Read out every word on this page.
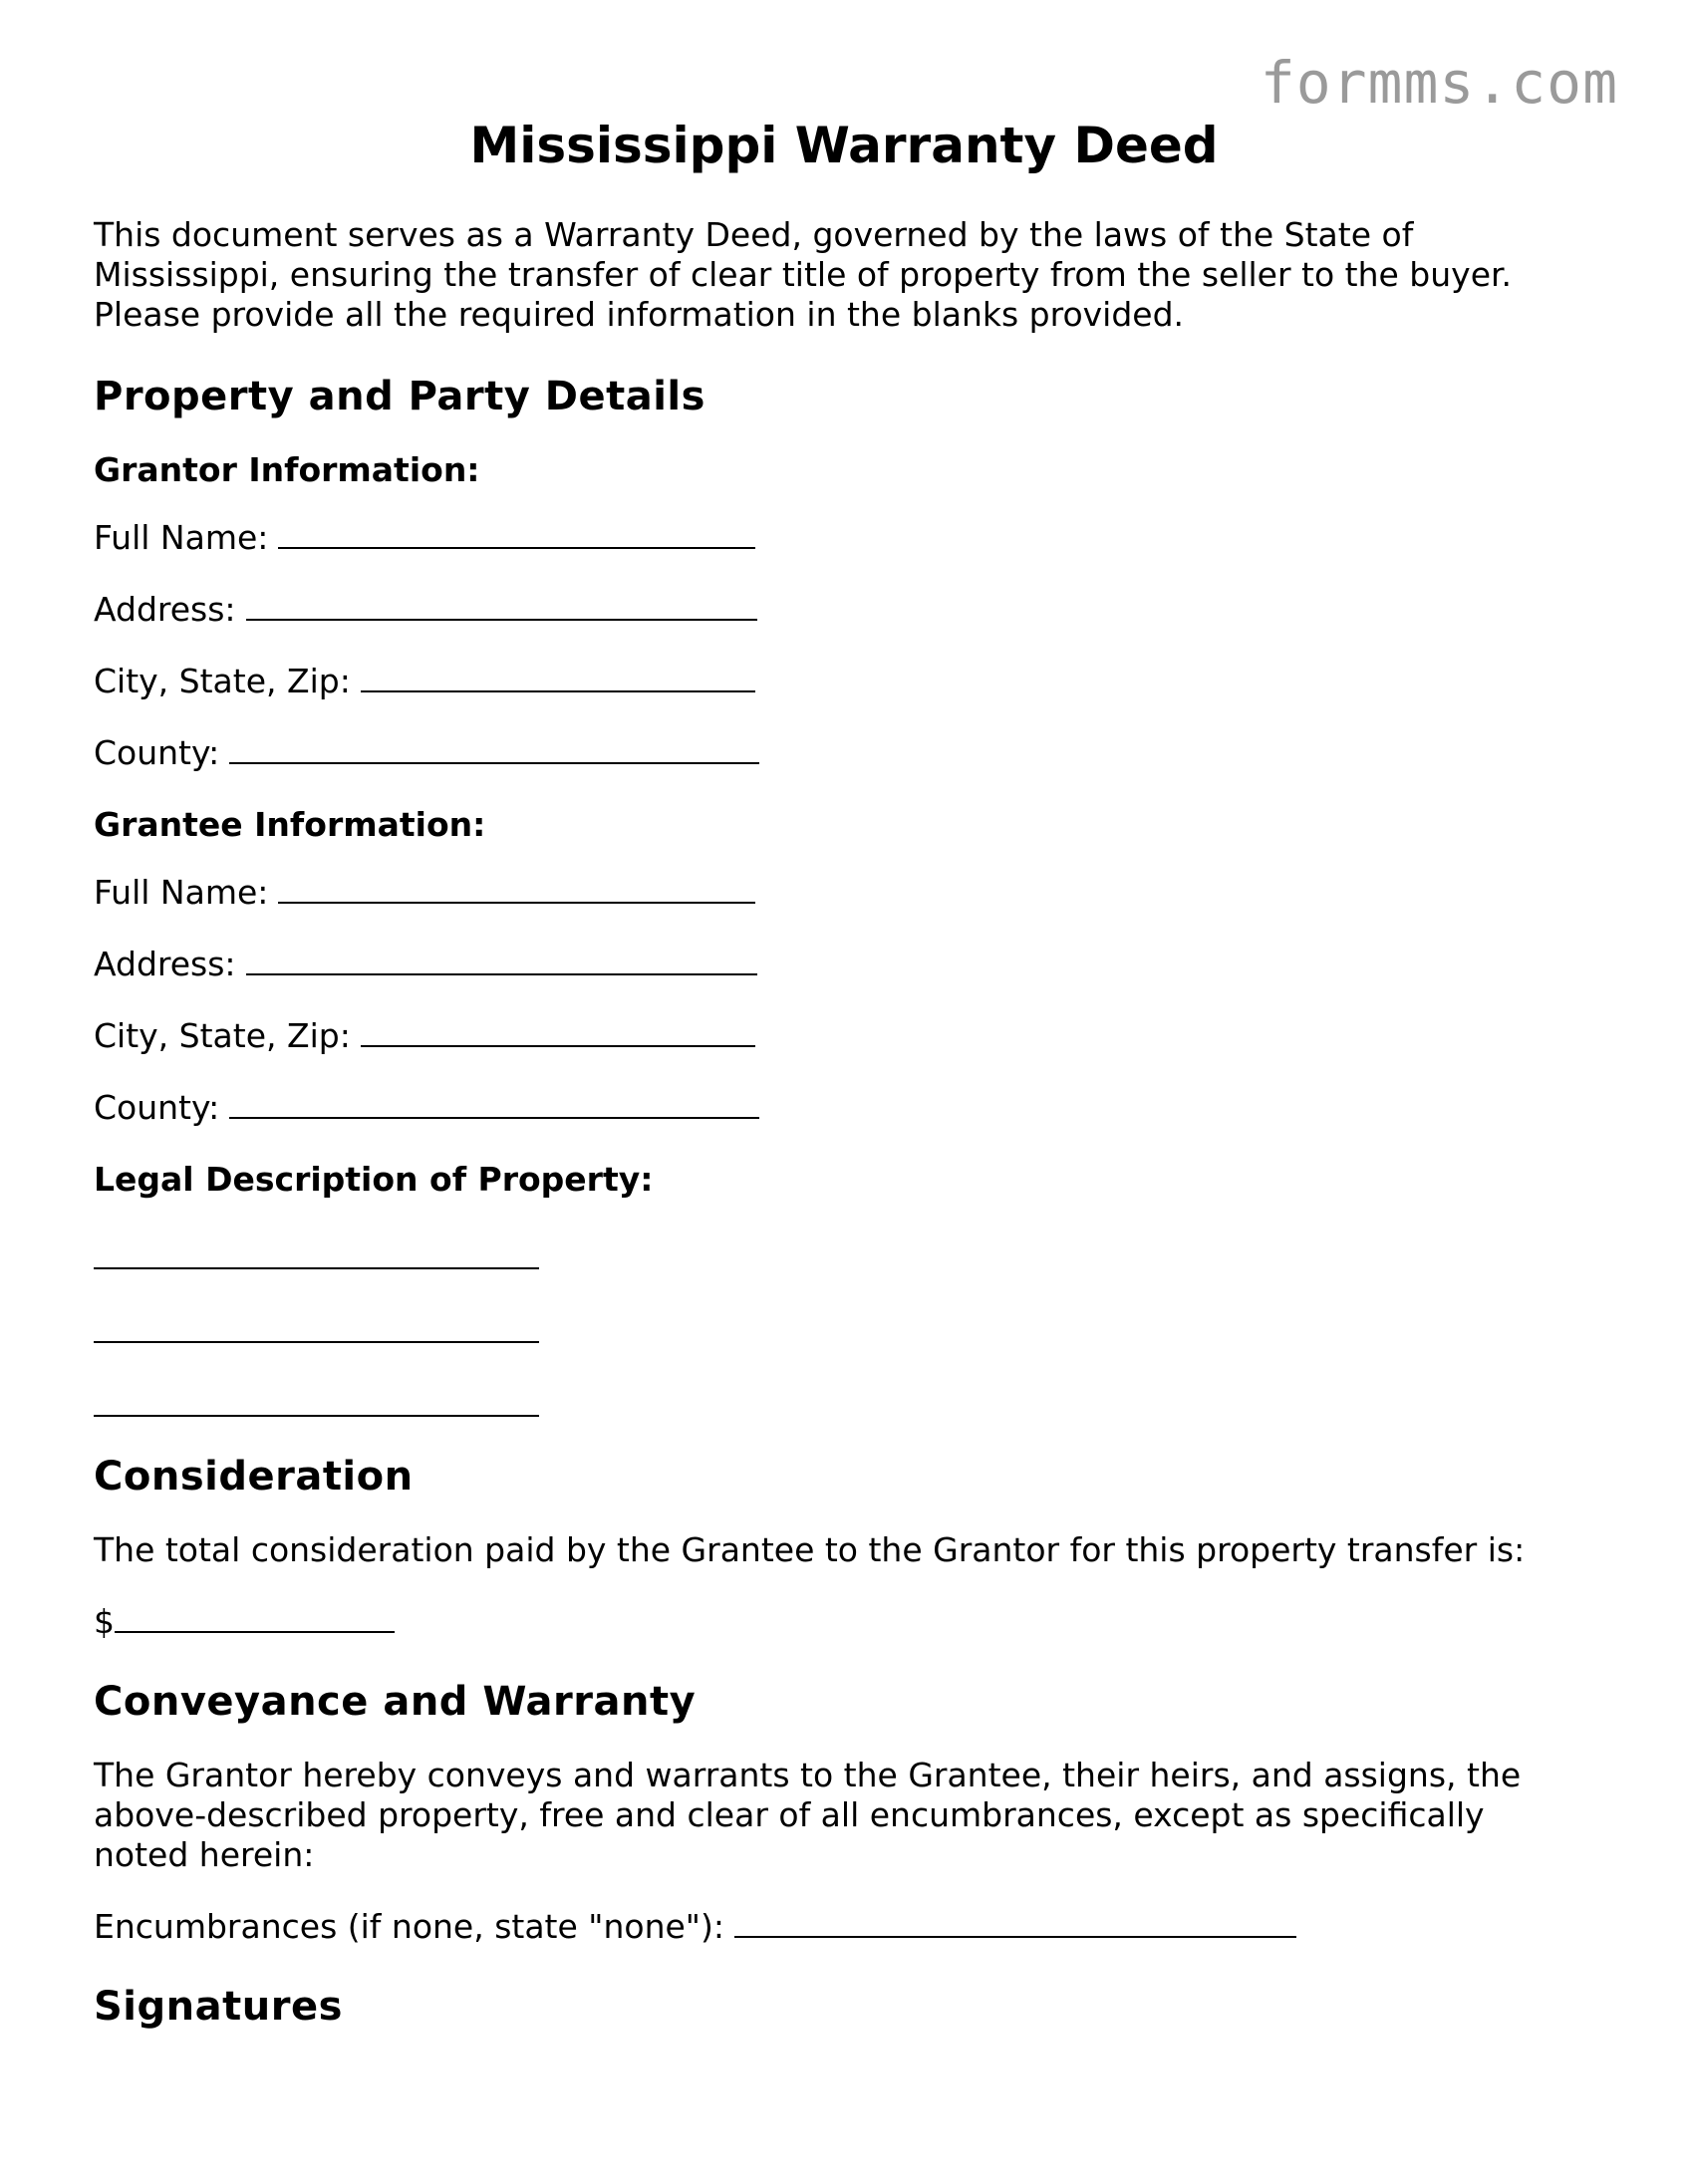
formms.com
Mississippi Warranty Deed

This document serves as a Warranty Deed, governed by the laws of the State of Mississippi, ensuring the transfer of clear title of property from the seller to the buyer. Please provide all the required information in the blanks provided.

Property and Party Details
Grantor Information:
Full Name:
Address:
City, State, Zip:
County:
Grantee Information:
Full Name:
Address:
City, State, Zip:
County:
Legal Description of Property:
Consideration

The total consideration paid by the Grantee to the Grantor for this property transfer is:

$
Conveyance and Warranty

The Grantor hereby conveys and warrants to the Grantee, their heirs, and assigns, the above-described property, free and clear of all encumbrances, except as specifically noted herein:

Encumbrances (if none, state "none"):
Signatures
